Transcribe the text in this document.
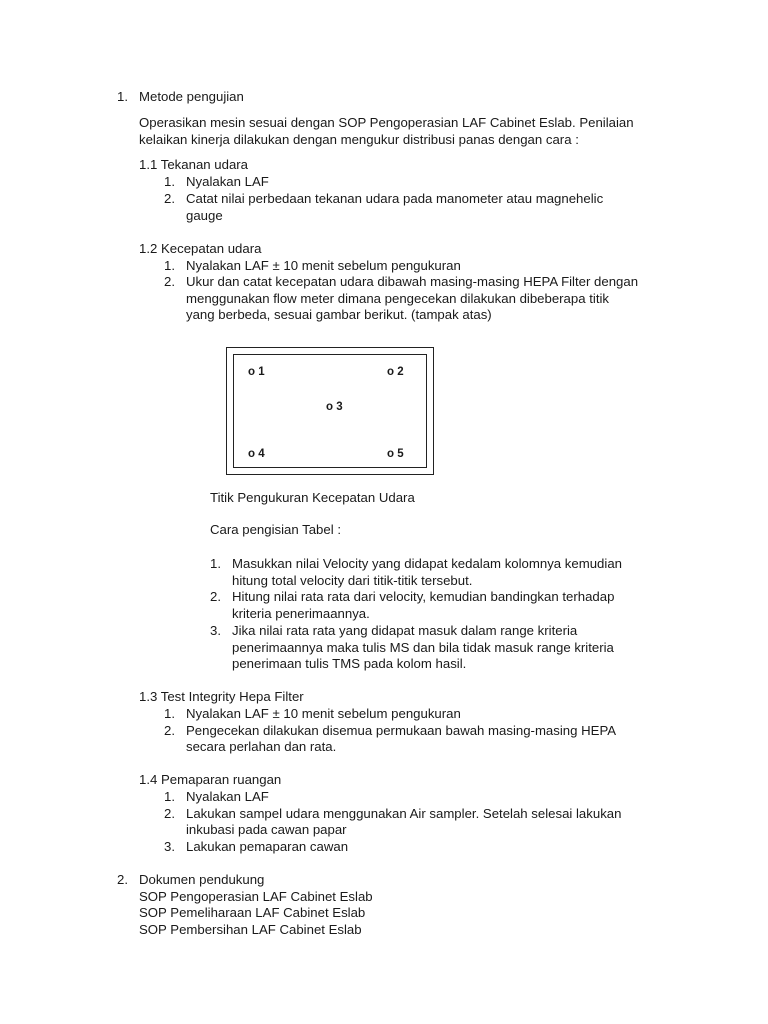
1. Metode pengujian
Operasikan mesin sesuai dengan SOP Pengoperasian LAF Cabinet Eslab. Penilaian
kelaikan kinerja dilakukan dengan mengukur distribusi panas dengan cara :
1.1 Tekanan udara
1. Nyalakan LAF
2. Catat nilai perbedaan tekanan udara pada manometer atau magnehelic
gauge
1.2 Kecepatan udara
1. Nyalakan LAF ± 10 menit sebelum pengukuran
2. Ukur dan catat kecepatan udara dibawah masing-masing HEPA Filter dengan
menggunakan flow meter dimana pengecekan dilakukan dibeberapa titik
yang berbeda, sesuai gambar berikut. (tampak atas)
o 1	o 2
o 3
o 4	o 5
Titik Pengukuran Kecepatan Udara
Cara pengisian Tabel :
1. Masukkan nilai Velocity yang didapat kedalam kolomnya kemudian
hitung total velocity dari titik-titik tersebut.
2. Hitung nilai rata rata dari velocity, kemudian bandingkan terhadap
kriteria penerimaannya.
3. Jika nilai rata rata yang didapat masuk dalam range kriteria
penerimaannya maka tulis MS dan bila tidak masuk range kriteria
penerimaan tulis TMS pada kolom hasil.
1.3 Test Integrity Hepa Filter
1. Nyalakan LAF ± 10 menit sebelum pengukuran
2. Pengecekan dilakukan disemua permukaan bawah masing-masing HEPA
secara perlahan dan rata.
1.4 Pemaparan ruangan
1. Nyalakan LAF
2. Lakukan sampel udara menggunakan Air sampler. Setelah selesai lakukan
inkubasi pada cawan papar
3. Lakukan pemaparan cawan
2. Dokumen pendukung
SOP Pengoperasian LAF Cabinet Eslab
SOP Pemeliharaan LAF Cabinet Eslab
SOP Pembersihan LAF Cabinet Eslab
